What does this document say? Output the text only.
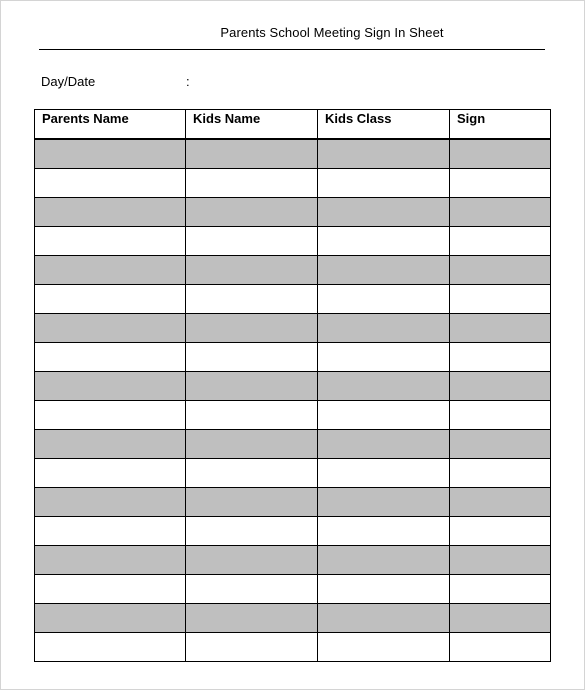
Parents School Meeting Sign In Sheet
Day/Date	:
Parents Name	Kids Name	Kids Class	Sign
